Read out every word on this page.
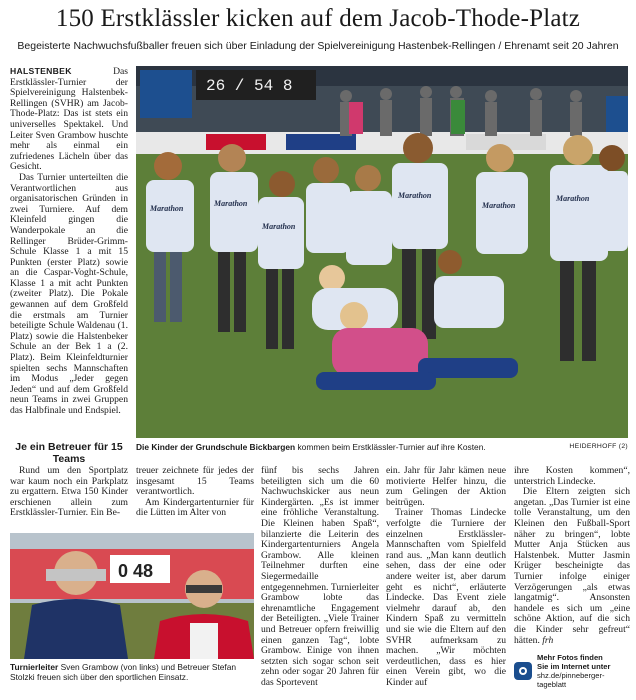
150 Erstklässler kicken auf dem Jacob-Thode-Platz
Begeisterte Nachwuchsfußballer freuen sich über Einladung der Spielvereinigung Hastenbek-Rellingen / Ehrenamt seit 20 Jahren

HALSTENBEK	Das Erstklässler-Turnier der Spielvereinigung Halstenbek-Rellingen (SVHR) am Jacob-Thode-Platz: Das ist stets ein universelles Spektakel. Und Leiter Sven Grambow huschte mehr als einmal ein zufriedenes Lächeln über das Gesicht.

Das Turnier unterteilten die Verantwortlichen aus organisatorischen Gründen in zwei Turniere. Auf dem Kleinfeld gingen die Wanderpokale an die Rellinger Brüder-Grimm-Schule Klasse 1 a mit 15 Punkten (erster Platz) sowie an die Caspar-Voght-Schule, Klasse 1 a mit acht Punkten (zweiter Platz). Die Pokale gewannen auf dem Großfeld die erstmals am Turnier beteiligte Schule Waldenau (1. Platz) sowie die Halstenbeker Schule an der Bek 1 a (2. Platz). Beim Kleinfeldturnier spielten sechs Mannschaften im Modus „Jeder gegen Jeden“ und auf dem Großfeld neun Teams in zwei Gruppen das Halbfinale und Endspiel.

Je ein Betreuer für 15 Teams

Rund um den Sportplatz war kaum noch ein Parkplatz zu ergattern. Etwa 150 Kinder erschienen allein zum Erstklässler-Turnier. Ein Be-

26 / 54 8
Marathon
Marathon
Marathon
Marathon
Marathon
Marathon
Die Kinder der Grundschule Bickbargen kommen beim Erstklässler-Turnier auf ihre Kosten.	HEIDERHOFF (2)
0 48
Turnierleiter Sven Grambow (von links) und Betreuer Stefan Stolzki freuen sich über den sportlichen Einsatz.

treuer zeichnete für jedes der insgesamt 15 Teams verantwortlich.

Am Kindergartenturnier für die Lütten im Alter von

fünf bis sechs Jahren beteiligten sich um die 60 Nachwuchskicker aus neun Kindergärten. „Es ist immer eine fröhliche Veranstaltung. Die Kleinen haben Spaß“, bilanzierte die Leiterin des Kindergartenturniers Angela Grambow. Alle kleinen Teilnehmer durften eine Siegermedaille entgegennehmen. Turnierleiter Grambow lobte das ehrenamtliche Engagement der Beteiligten. „Viele Trainer und Betreuer opfern freiwillig einen ganzen Tag“, lobte Grambow. Einige von ihnen setzten sich sogar schon seit zehn oder sogar 20 Jahren für das Sportevent

ein. Jahr für Jahr kämen neue motivierte Helfer hinzu, die zum Gelingen der Aktion beitrügen.

Trainer Thomas Lindecke verfolgte die Turniere der einzelnen Erstklässler-Mannschaften vom Spielfeld rand aus. „Man kann deutlich sehen, dass der eine oder andere weiter ist, aber darum geht es nicht“, erläuterte Lindecke. Das Event ziele vielmehr darauf ab, den Kindern Spaß zu vermitteln und sie wie die Eltern auf den SVHR aufmerksam zu machen. „Wir möchten verdeutlichen, dass es hier einen Verein gibt, wo die Kinder auf

ihre Kosten kommen“, unterstrich Lindecke.

Die Eltern zeigten sich angetan. „Das Turnier ist eine tolle Veranstaltung, um den Kleinen den Fußball-Sport näher zu bringen“, lobte Mutter Anja Stücken aus Halstenbek. Mutter Jasmin Krüger bescheinigte das Turnier infolge einiger Verzögerungen „als etwas langatmig“. Ansonsten handele es sich um „eine schöne Aktion, auf die sich die Kinder sehr gefreut“ hätten. frh

Mehr Fotos finden
Sie im Internet unter
shz.de/pinneberger-tageblatt
